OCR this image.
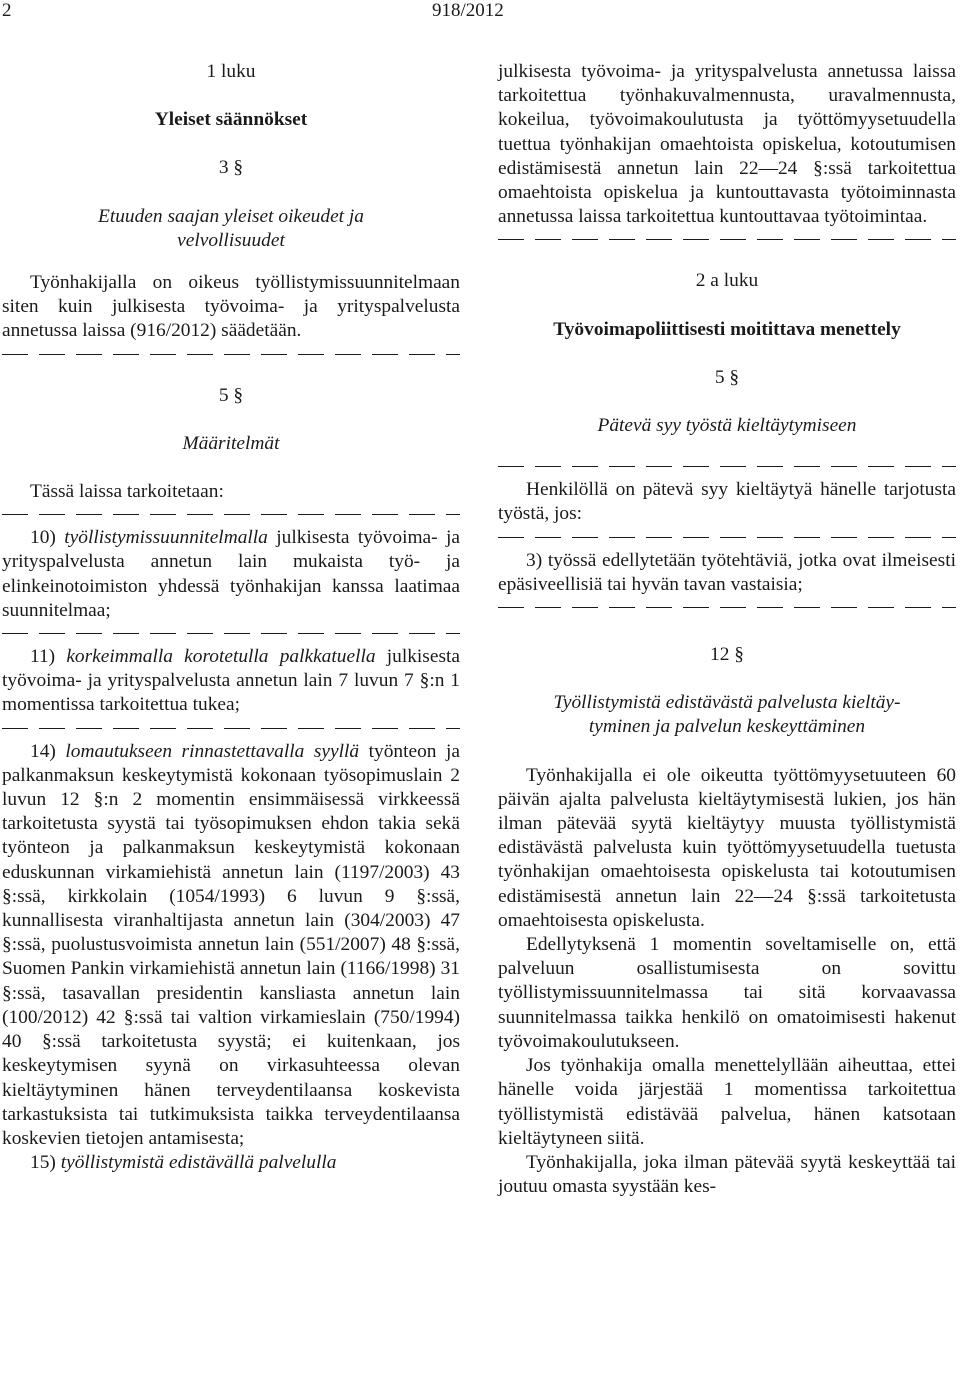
2	918/2012
1 luku
Yleiset säännökset
3 §
Etuuden saajan yleiset oikeudet ja
velvollisuudet

Työnhakijalla on oikeus työllistymissuunnitelmaan siten kuin julkisesta työvoima- ja yrityspalvelusta annetussa laissa (916/2012) säädetään.

5 §
Määritelmät

Tässä laissa tarkoitetaan:

10) työllistymissuunnitelmalla julkisesta työvoima- ja yrityspalvelusta annetun lain mukaista työ- ja elinkeinotoimiston yhdessä työnhakijan kanssa laatimaa suunnitelmaa;

11) korkeimmalla korotetulla palkkatuella julkisesta työvoima- ja yrityspalvelusta annetun lain 7 luvun 7 §:n 1 momentissa tarkoitettua tukea;

14) lomautukseen rinnastettavalla syyllä työnteon ja palkanmaksun keskeytymistä kokonaan työsopimuslain 2 luvun 12 §:n 2 momentin ensimmäisessä virkkeessä tarkoitetusta syystä tai työsopimuksen ehdon takia sekä työnteon ja palkanmaksun keskeytymistä kokonaan eduskunnan virkamiehistä annetun lain (1197/2003) 43 §:ssä, kirkkolain (1054/1993) 6 luvun 9 §:ssä, kunnallisesta viranhaltijasta annetun lain (304/2003) 47 §:ssä, puolustusvoimista annetun lain (551/2007) 48 §:ssä, Suomen Pankin virkamiehistä annetun lain (1166/1998) 31 §:ssä, tasavallan presidentin kansliasta annetun lain (100/2012) 42 §:ssä tai valtion virkamieslain (750/1994) 40 §:ssä tarkoitetusta syystä; ei kuitenkaan, jos keskeytymisen syynä on virkasuhteessa olevan kieltäytyminen hänen terveydentilaansa koskevista tarkastuksista tai tutkimuksista taikka terveydentilaansa koskevien tietojen antamisesta;

15) työllistymistä edistävällä palvelulla

julkisesta työvoima- ja yrityspalvelusta annetussa laissa tarkoitettua työnhakuvalmennusta, uravalmennusta, kokeilua, työvoimakoulutusta ja työttömyysetuudella tuettua työnhakijan omaehtoista opiskelua, kotoutumisen edistämisestä annetun lain 22—24 §:ssä tarkoitettua omaehtoista opiskelua ja kuntouttavasta työtoiminnasta annetussa laissa tarkoitettua kuntouttavaa työtoimintaa.

2 a luku
Työvoimapoliittisesti moitittava menettely
5 §
Pätevä syy työstä kieltäytymiseen

Henkilöllä on pätevä syy kieltäytyä hänelle tarjotusta työstä, jos:

3) työssä edellytetään työtehtäviä, jotka ovat ilmeisesti epäsiveellisiä tai hyvän tavan vastaisia;

12 §
Työllistymistä edistävästä palvelusta kieltäy-
tyminen ja palvelun keskeyttäminen

Työnhakijalla ei ole oikeutta työttömyysetuuteen 60 päivän ajalta palvelusta kieltäytymisestä lukien, jos hän ilman pätevää syytä kieltäytyy muusta työllistymistä edistävästä palvelusta kuin työttömyysetuudella tuetusta työnhakijan omaehtoisesta opiskelusta tai kotoutumisen edistämisestä annetun lain 22—24 §:ssä tarkoitetusta omaehtoisesta opiskelusta.

Edellytyksenä 1 momentin soveltamiselle on, että palveluun osallistumisesta on sovittu työllistymissuunnitelmassa tai sitä korvaavassa suunnitelmassa taikka henkilö on omatoimisesti hakenut työvoimakoulutukseen.

Jos työnhakija omalla menettelyllään aiheuttaa, ettei hänelle voida järjestää 1 momentissa tarkoitettua työllistymistä edistävää palvelua, hänen katsotaan kieltäytyneen siitä.

Työnhakijalla, joka ilman pätevää syytä keskeyttää tai joutuu omasta syystään kes-
